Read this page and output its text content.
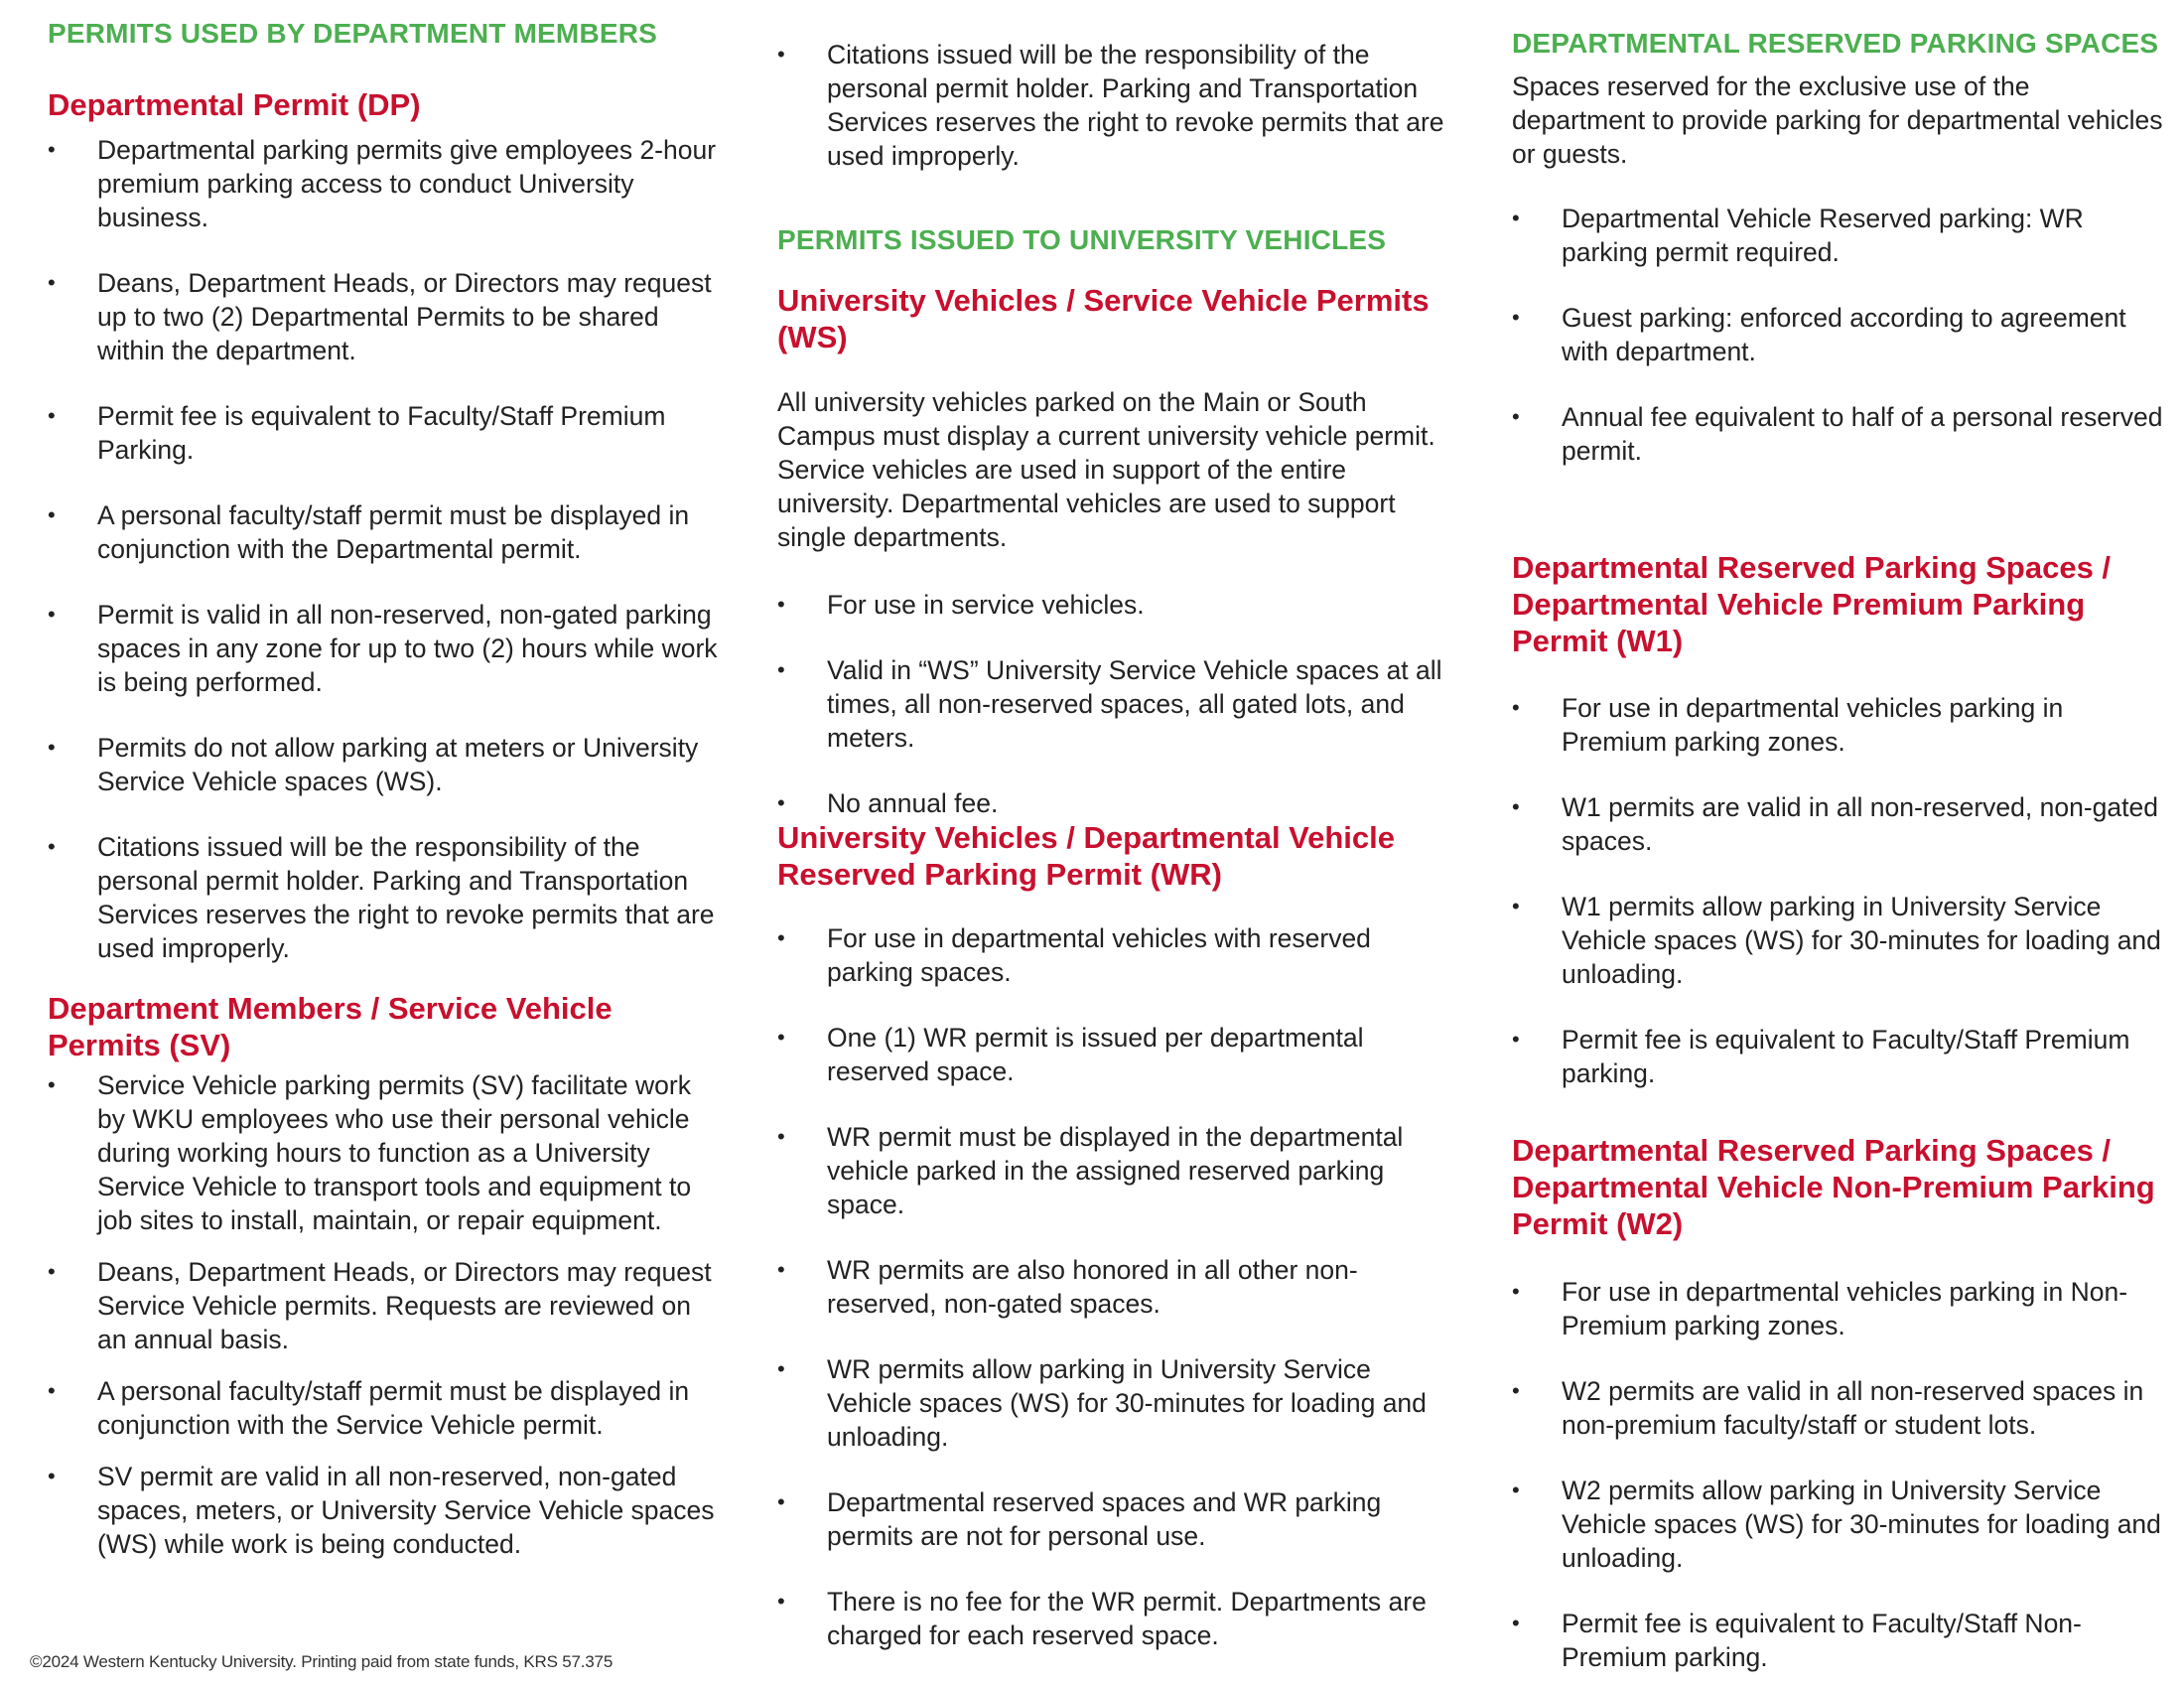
PERMITS USED BY DEPARTMENT MEMBERS
Departmental Permit (DP)
•	Departmental parking permits give employees 2-hour premium parking access to conduct University business.
•	Deans, Department Heads, or Directors may request up to two (2) Departmental Permits to be shared within the department.
•	Permit fee is equivalent to Faculty/Staff Premium Parking.
•	A personal faculty/staff permit must be displayed in conjunction with the Departmental permit.
•	Permit is valid in all non-reserved, non-gated parking spaces in any zone for up to two (2) hours while work is being performed.
•	Permits do not allow parking at meters or University Service Vehicle spaces (WS).
•	Citations issued will be the responsibility of the personal permit holder. Parking and Transportation Services reserves the right to revoke permits that are used improperly.
Department Members / Service Vehicle Permits (SV)
•	Service Vehicle parking permits (SV) facilitate work by WKU employees who use their personal vehicle during working hours to function as a University Service Vehicle to transport tools and equipment to job sites to install, maintain, or repair equipment.
•	Deans, Department Heads, or Directors may request Service Vehicle permits. Requests are reviewed on an annual basis.
•	A personal faculty/staff permit must be displayed in conjunction with the Service Vehicle permit.
•	SV permit are valid in all non-reserved, non-gated spaces, meters, or University Service Vehicle spaces (WS) while work is being conducted.
•	Citations issued will be the responsibility of the personal permit holder. Parking and Transportation Services reserves the right to revoke permits that are used improperly.
PERMITS ISSUED TO UNIVERSITY VEHICLES
University Vehicles / Service Vehicle Permits (WS)

All university vehicles parked on the Main or South Campus must display a current university vehicle permit. Service vehicles are used in support of the entire university. Departmental vehicles are used to support single departments.

•	For use in service vehicles.
•	Valid in “WS” University Service Vehicle spaces at all times, all non-reserved spaces, all gated lots, and meters.
•	No annual fee.
University Vehicles / Departmental Vehicle Reserved Parking Permit (WR)
•	For use in departmental vehicles with reserved parking spaces.
•	One (1) WR permit is issued per departmental reserved space.
•	WR permit must be displayed in the departmental vehicle parked in the assigned reserved parking space.
•	WR permits are also honored in all other non-reserved, non-gated spaces.
•	WR permits allow parking in University Service Vehicle spaces (WS) for 30-minutes for loading and unloading.
•	Departmental reserved spaces and WR parking permits are not for personal use.
•	There is no fee for the WR permit. Departments are charged for each reserved space.
DEPARTMENTAL RESERVED PARKING SPACES

Spaces reserved for the exclusive use of the department to provide parking for departmental vehicles or guests.

•	Departmental Vehicle Reserved parking: WR parking permit required.
•	Guest parking: enforced according to agreement with department.
•	Annual fee equivalent to half of a personal reserved permit.
Departmental Reserved Parking Spaces / Departmental Vehicle Premium Parking Permit (W1)
•	For use in departmental vehicles parking in Premium parking zones.
•	W1 permits are valid in all non-reserved, non-gated spaces.
•	W1 permits allow parking in University Service Vehicle spaces (WS) for 30-minutes for loading and unloading.
•	Permit fee is equivalent to Faculty/Staff Premium parking.
Departmental Reserved Parking Spaces / Departmental Vehicle Non-Premium Parking Permit (W2)
•	For use in departmental vehicles parking in Non-Premium parking zones.
•	W2 permits are valid in all non-reserved spaces in non-premium faculty/staff or student lots.
•	W2 permits allow parking in University Service Vehicle spaces (WS) for 30-minutes for loading and unloading.
•	Permit fee is equivalent to Faculty/Staff Non-Premium parking.
©2024 Western Kentucky University. Printing paid from state funds, KRS 57.375
